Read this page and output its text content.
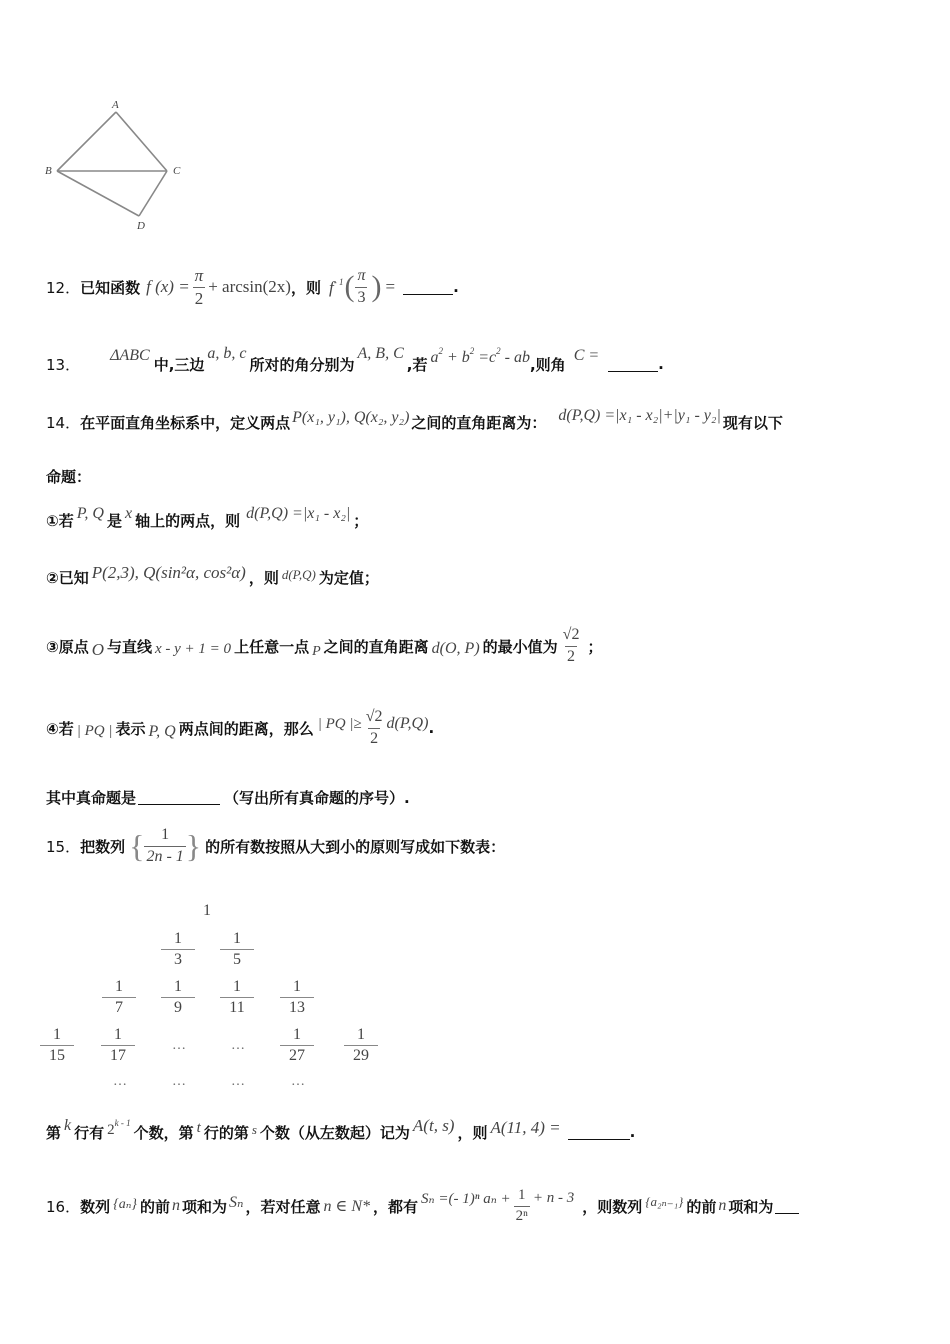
A
B	C
D
12． 已知函数 f $(x) = \frac{\pi}{2} + \arcsin(2x)$ ，则 $f^{- 1}$ ( $\frac{\pi}{3}$ ) =	.
13． ΔABC 中,三边
a, b, c
所对的角分别为
A, B, C
,若 $a^2 + b^2 =c^2$ - ab ,则角 C =	.
14． 在平面直角坐标系中，定义两点 P(x₁, y₁), Q(x₂, y₂) 之间的直角距离为： d(P,Q) =|x₁ - x₂|+|y₁ - y₂| 现有以下
命题：
①若 P, Q 是 x 轴上的两点，则 d(P,Q) =|x₁ - x₂| ；
②已知 P(2,3), Q(sin²α, cos²α) ，则 d(P,Q) 为定值；
③原点 O 与直线 x - y + 1 = 0 上任意一点 P 之间的直角距离 d(O, P) 的最小值为 $\frac{√2}{2}$ ；
④若 | PQ | 表示 P, Q 两点间的距离，那么 | PQ |≥ $\frac{√2}{2} d(P,Q)$ .
其中真命题是	（写出所有真命题的序号）.
15． 把数列 { $\frac{1}{2n - 1}$ } 的所有数按照从大到小的原则写成如下数表：
1
$\frac{1}{3} \frac{1}{5}$
$\frac{1}{7} \frac{1}{9} \frac{1}{11} \frac{1}{13}$
$\frac{1}{15} \frac{1}{17}$	…	…	$\frac{1}{27} \frac{1}{29}$
…	…	…	…
第 k 行有 2$^{k - 1}$
个数，第 t 行的第 s 个数（从左数起）记为 A(t, s) ，则 A(11, 4) =	.
16． 数列 {aₙ} 的前 n 项和为 Sₙ ，若对任意 n ∈ N* ，都有 Sₙ =(- 1)ⁿ $a_n + \frac{1}{\text{2ⁿ}} + n - 3$ ，则数列 {a₂ₙ₋₁} 的前 n 项和为
